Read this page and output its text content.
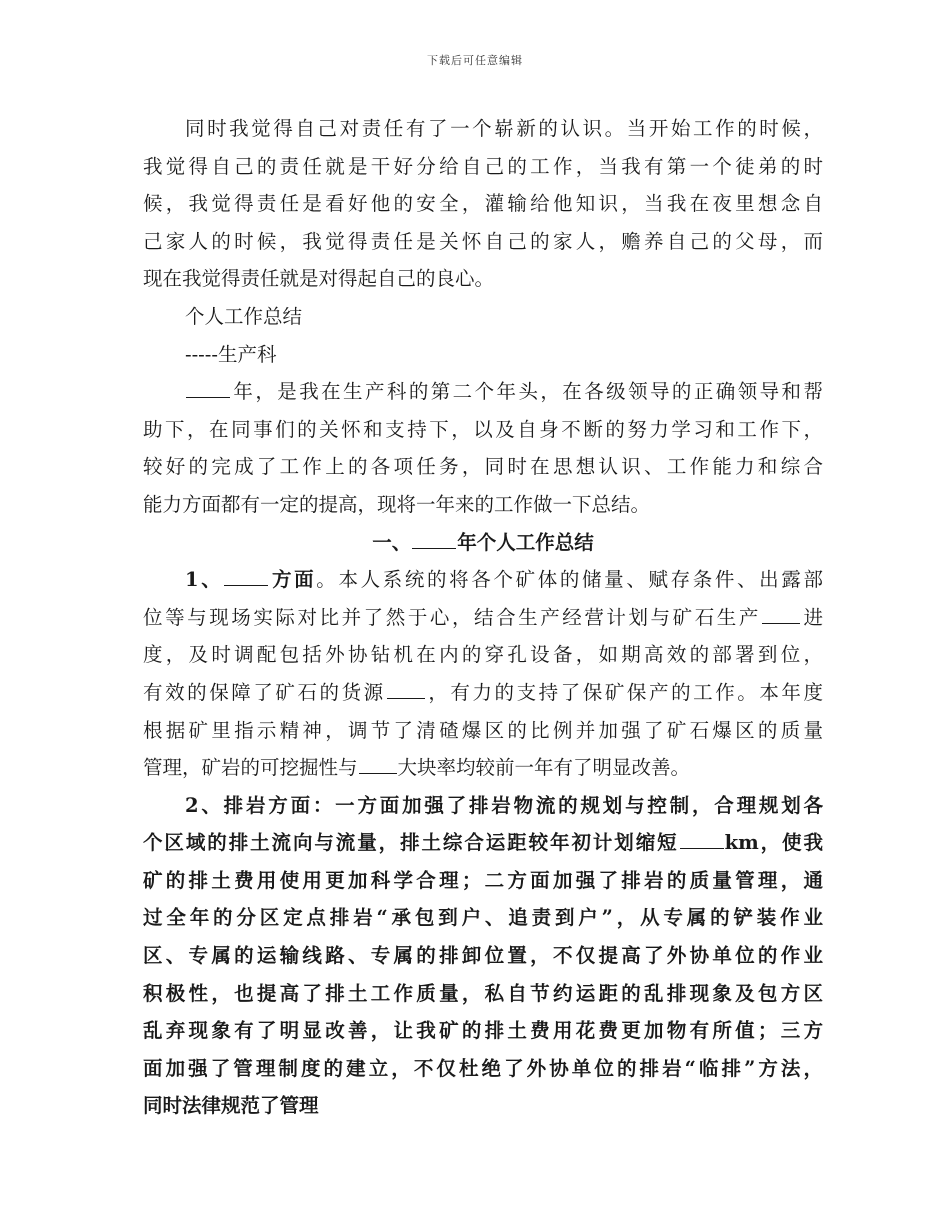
下载后可任意编辑
同时我觉得自己对责任有了一个崭新的认识。当开始工作的时候，
我觉得自己的责任就是干好分给自己的工作，当我有第一个徒弟的时
候，我觉得责任是看好他的安全，灌输给他知识，当我在夜里想念自
己家人的时候，我觉得责任是关怀自己的家人，赡养自己的父母，而
现在我觉得责任就是对得起自己的良心。
个人工作总结
-----生产科
年，是我在生产科的第二个年头，在各级领导的正确领导和帮
助下，在同事们的关怀和支持下，以及自身不断的努力学习和工作下，
较好的完成了工作上的各项任务，同时在思想认识、工作能力和综合
能力方面都有一定的提高，现将一年来的工作做一下总结。
一、 年个人工作总结
1、 方面。本人系统的将各个矿体的储量、赋存条件、出露部
位等与现场实际对比并了然于心，结合生产经营计划与矿石生产 进
度，及时调配包括外协钻机在内的穿孔设备，如期高效的部署到位，
有效的保障了矿石的货源 ，有力的支持了保矿保产的工作。本年度
根据矿里指示精神，调节了清碴爆区的比例并加强了矿石爆区的质量
管理，矿岩的可挖掘性与 大块率均较前一年有了明显改善。
2、排岩方面：一方面加强了排岩物流的规划与控制，合理规划各
个区域的排土流向与流量，排土综合运距较年初计划缩短 km，使我
矿的排土费用使用更加科学合理；二方面加强了排岩的质量管理，通
过全年的分区定点排岩“承包到户、追责到户”，从专属的铲装作业
区、专属的运输线路、专属的排卸位置，不仅提高了外协单位的作业
积极性，也提高了排土工作质量，私自节约运距的乱排现象及包方区
乱弃现象有了明显改善，让我矿的排土费用花费更加物有所值；三方
面加强了管理制度的建立，不仅杜绝了外协单位的排岩“临排”方法，
同时法律规范了管理
